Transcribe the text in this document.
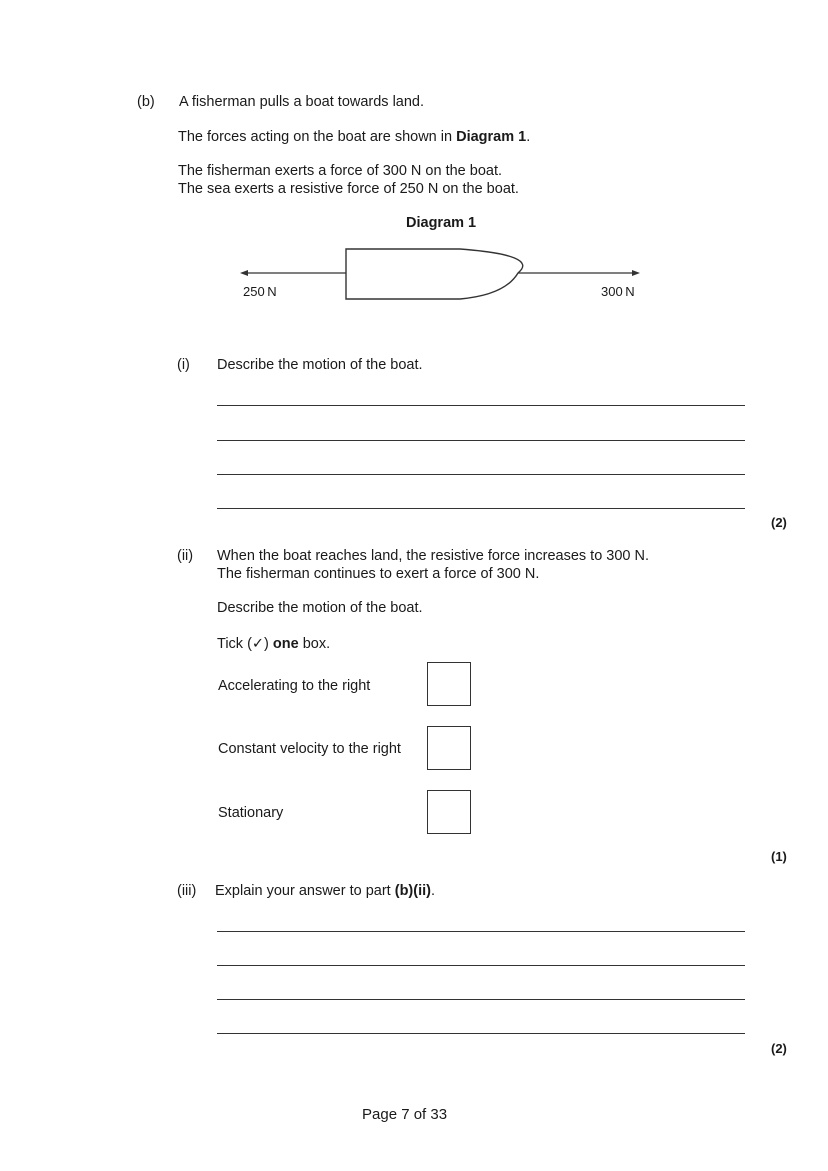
(b) A fisherman pulls a boat towards land.
The forces acting on the boat are shown in Diagram 1.
The fisherman exerts a force of 300 N on the boat.
The sea exerts a resistive force of 250 N on the boat.
Diagram 1
250 N	300 N
(i) Describe the motion of the boat.
(2)
(ii) When the boat reaches land, the resistive force increases to 300 N.
The fisherman continues to exert a force of 300 N.
Describe the motion of the boat.
Tick (✓) one box.
Accelerating to the right
Constant velocity to the right
Stationary
(1)
(iii) Explain your answer to part (b)(ii).
(2)
Page 7 of 33
